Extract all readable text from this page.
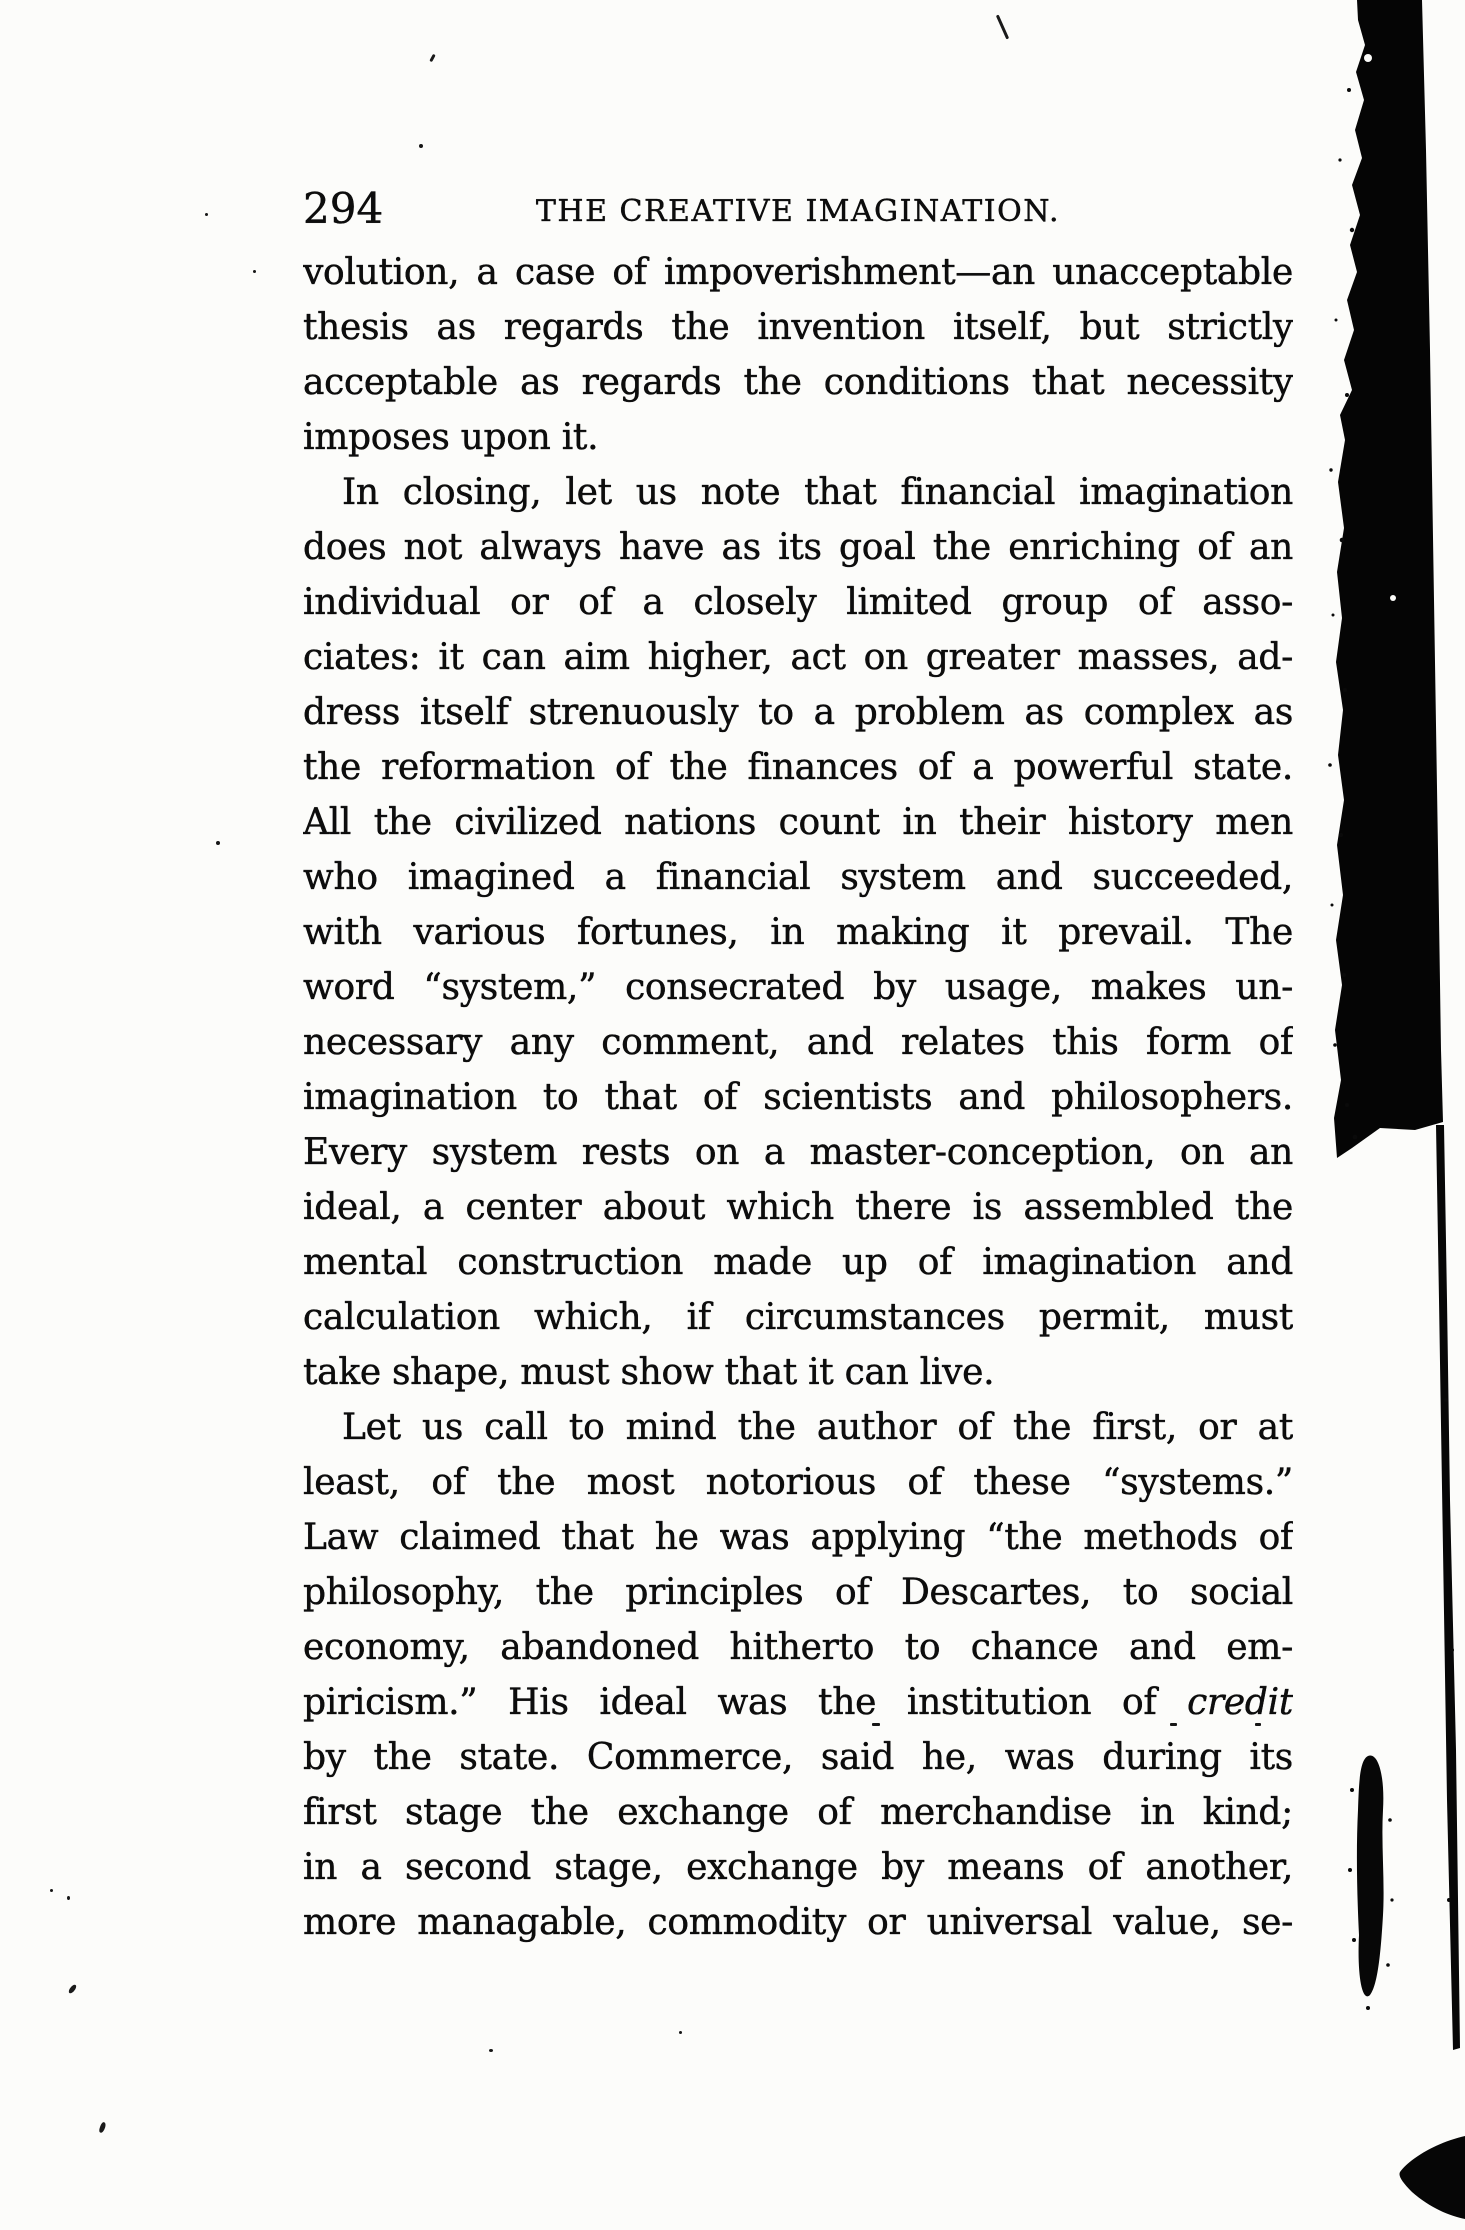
294	THE CREATIVE IMAGINATION.
volution, a case of impoverishment—an unacceptable
thesis as regards the invention itself, but strictly
acceptable as regards the conditions that necessity
imposes upon it.
In closing, let us note that financial imagination
does not always have as its goal the enriching of an
individual or of a closely limited group of asso-
ciates: it can aim higher, act on greater masses, ad-
dress itself strenuously to a problem as complex as
the reformation of the finances of a powerful state.
All the civilized nations count in their history men
who imagined a financial system and succeeded,
with various fortunes, in making it prevail. The
word “system,” consecrated by usage, makes un-
necessary any comment, and relates this form of
imagination to that of scientists and philosophers.
Every system rests on a master-conception, on an
ideal, a center about which there is assembled the
mental construction made up of imagination and
calculation which, if circumstances permit, must
take shape, must show that it can live.
Let us call to mind the author of the first, or at
least, of the most notorious of these “systems.”
Law claimed that he was applying “the methods of
philosophy, the principles of Descartes, to social
economy, abandoned hitherto to chance and em-
piricism.” His ideal was the institution of credit
by the state. Commerce, said he, was during its
first stage the exchange of merchandise in kind;
in a second stage, exchange by means of another,
more managable, commodity or universal value, se-
